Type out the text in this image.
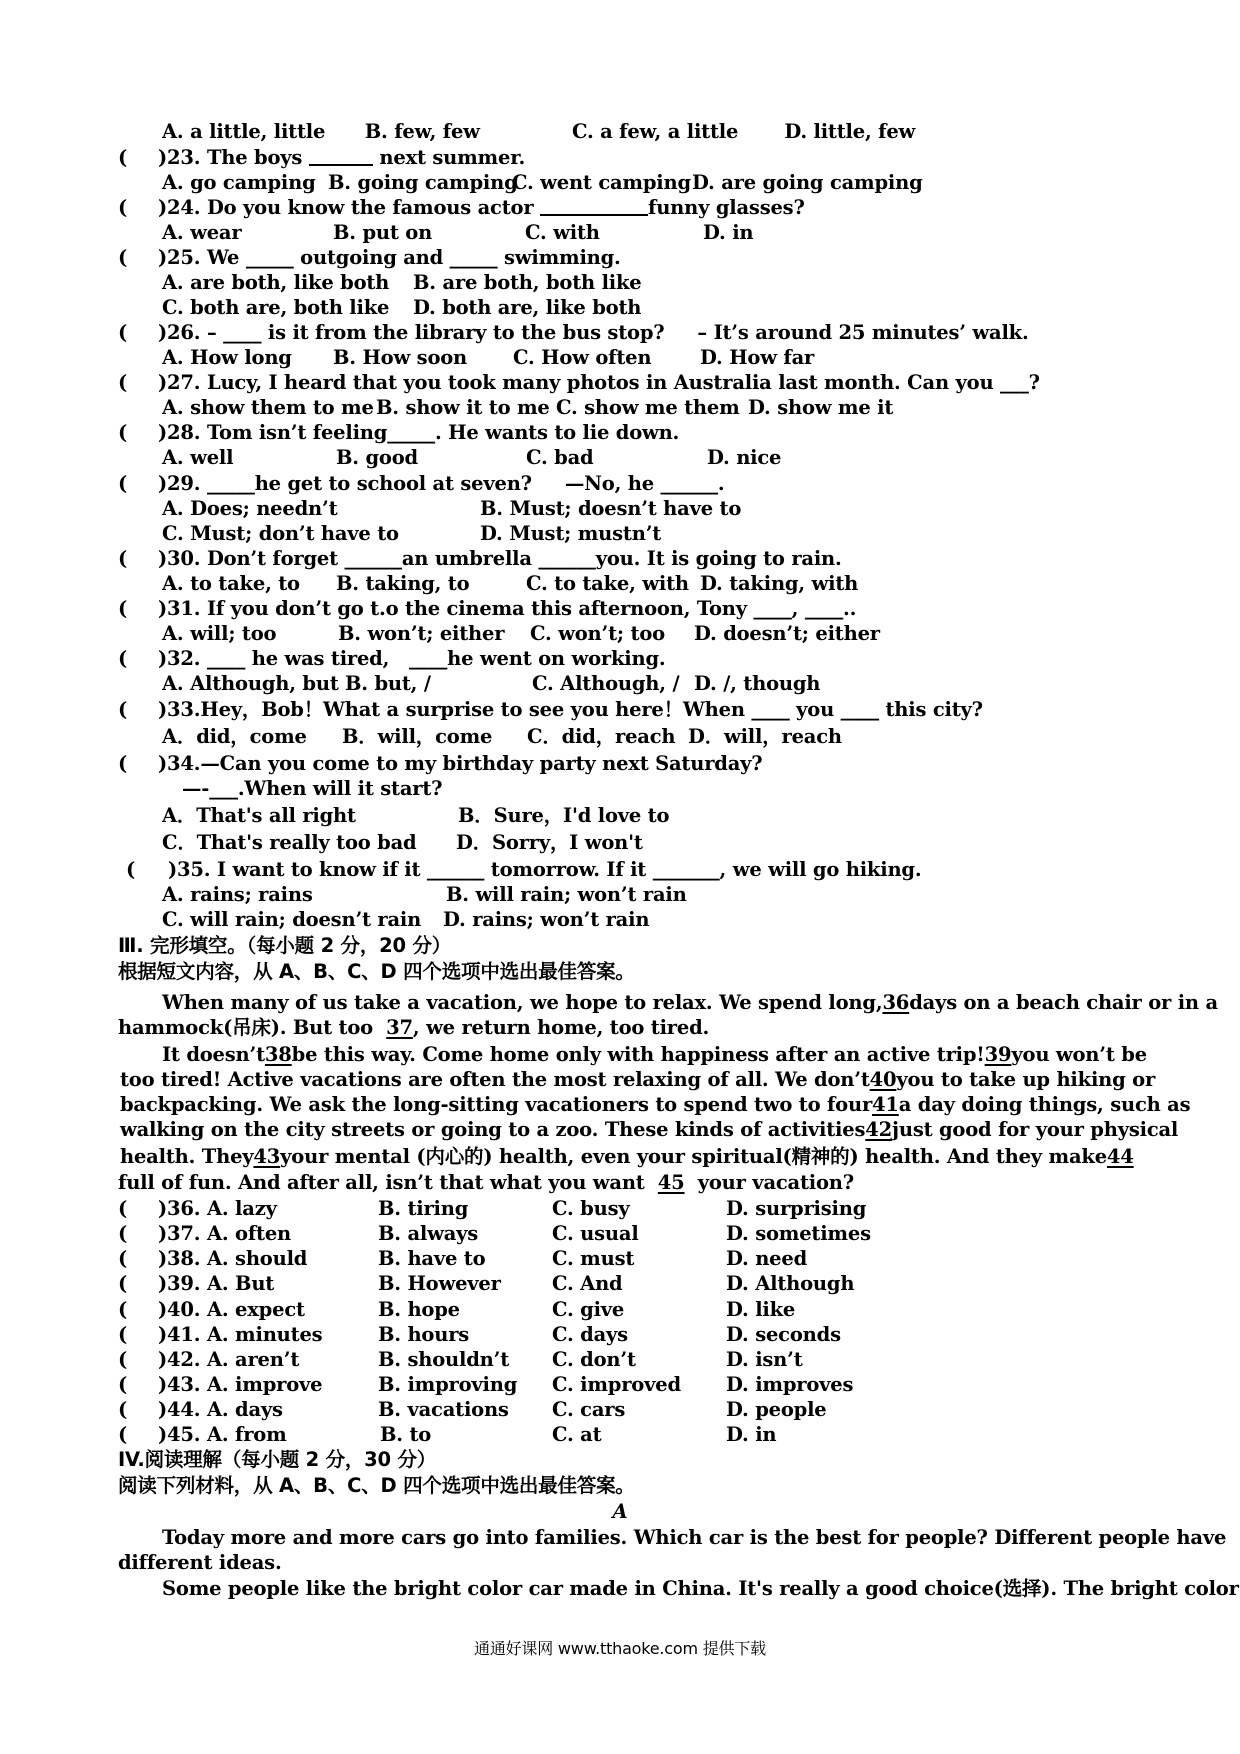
A. a little, little      B. few, few              C. a few, a little       D. little, few
( )23. The boys	next summer.
A. go camping B. going camping
C. went camping D. are going camping
( )24. Do you know the famous actor	funny glasses?
A. wear	B. put on	C. with	D. in
( )25. We _____ outgoing and _____ swimming.
A. are both, like both B. are both, both like
C. both are, both like D. both are, like both
( )26. – ____ is it from the library to the bus stop?     – It’s around 25 minutes’ walk.
A. How long B. How soon C. How often D. How far
( )27. Lucy, I heard that you took many photos in Australia last month. Can you ___?
A. show them to me B. show it to me C. show me them D. show me it
( )28. Tom isn’t feeling_____. He wants to lie down.
A. well	B. good	C. bad	D. nice
( )29. _____he get to school at seven?     —No, he ______.
A. Does; needn’t	B. Must; doesn’t have to
C. Must; don’t have to	D. Must; mustn’t
( )30. Don’t forget ______an umbrella ______you. It is going to rain.
A. to take, to B. taking, to	C. to take, with D. taking, with
( )31. If you don’t go t.o the cinema this afternoon, Tony ____, ____..
A. will; too	B. won’t; either C. won’t; too D. doesn’t; either
( )32. ____ he was tired,   ____he went on working.
A. Although, but B. but, /	C. Although, / D. /, though
( )33.Hey，Bob！What a surprise to see you here！When ____ you ____ this city?
A．did，come B．will，come C．did，reach D．will，reach
( )34.—Can you come to my birthday party next Saturday?
—-___.When will it start?
A．That's all right	B．Sure，I'd love to
C．That's really too bad D．Sorry，I won't
( )35. I want to know if it ______ tomorrow. If it _______, we will go hiking.
A. rains; rains	B. will rain; won’t rain
C. will rain; doesn’t rain D. rains; won’t rain
Ⅲ. 完形填空。（每小题 2 分，20 分）
根据短文内容，从 A、B、C、D 四个选项中选出最佳答案。
When many of us take a vacation, we hope to relax. We spend long, 36 days on a beach chair or in a
hammock(吊床). But too 37, we return home, too tired.
It doesn’t 38 be this way. Come home only with happiness after an active trip! 39 you won’t be
too tired! Active vacations are often the most relaxing of all. We don’t 40 you to take up hiking or
backpacking. We ask the long-sitting vacationers to spend two to four 41 a day doing things, such as
walking on the city streets or going to a zoo. These kinds of activities 42 just good for your physical
health. They 43 your mental (内心的) health, even your spiritual(精神的) health. And they make 44
full of fun. And after all, isn’t that what you want 45 your vacation?
( )36. A. lazy	B. tiring	C. busy	D. surprising
( )37. A. often	B. always	C. usual	D. sometimes
( )38. A. should	B. have to	C. must	D. need
( )39. A. But	B. However	C. And	D. Although
( )40. A. expect	B. hope	C. give	D. like
( )41. A. minutes	B. hours	C. days	D. seconds
( )42. A. aren’t	B. shouldn’t C. don’t	D. isn’t
( )43. A. improve	B. improving C. improved D. improves
( )44. A. days	B. vacations C. cars	D. people
( )45. A. from	B. to	C. at	D. in
IV.阅读理解（每小题 2 分，30 分）
阅读下列材料，从 A、B、C、D 四个选项中选出最佳答案。
A
Today more and more cars go into families. Which car is the best for people? Different people have
different ideas.
Some people like the bright color car made in China. It's really a good choice(选择). The bright color
通通好课网 www.tthaoke.com 提供下载
